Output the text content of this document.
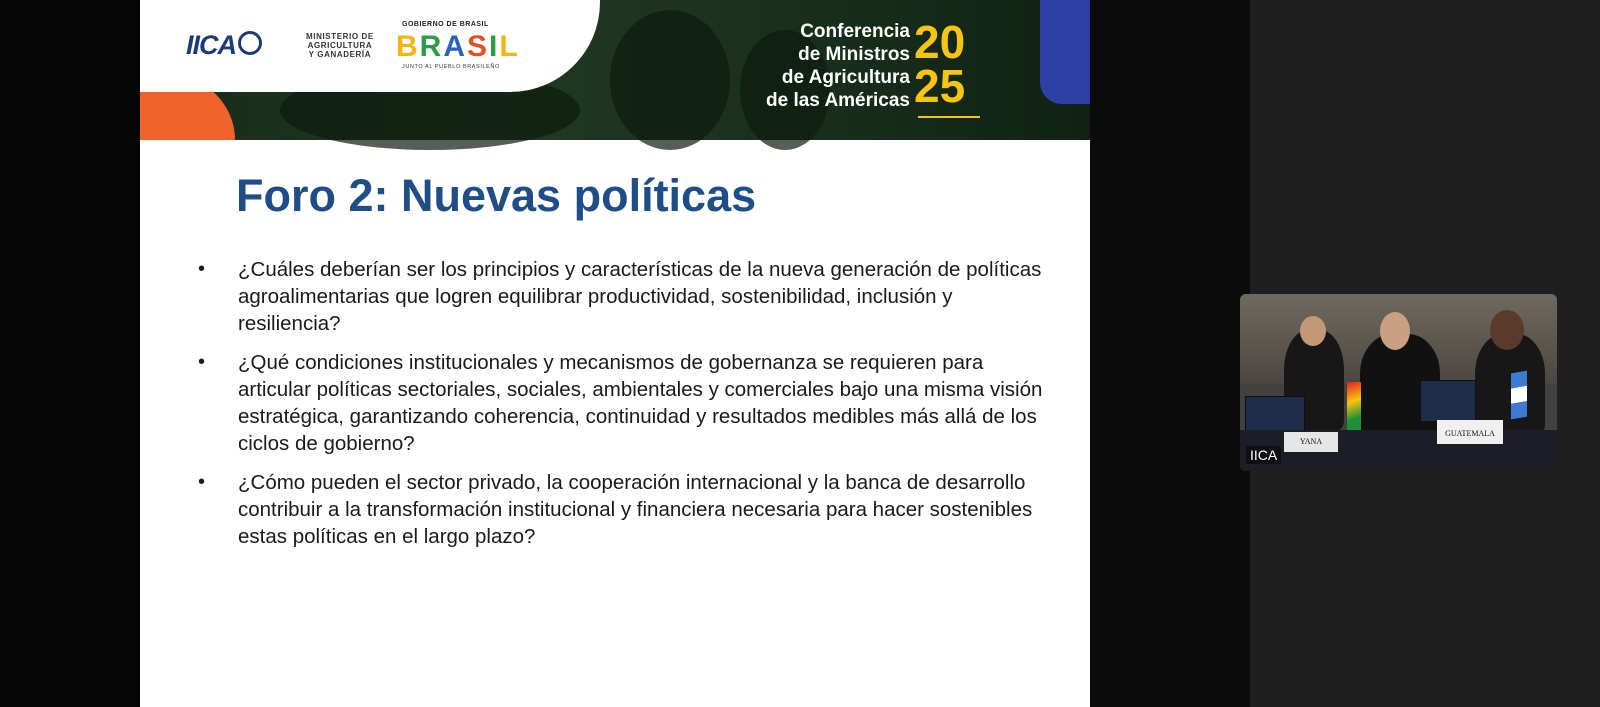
IICA	MINISTERIO DE
AGRICULTURA
Y GANADERÍA
GOBIERNO DE BRASIL
BRASIL
JUNTO AL PUEBLO BRASILEÑO
Conferencia
de Ministros
de Agricultura
de las Américas
20
25
Foro 2: Nuevas políticas
• ¿Cuáles deberían ser los principios y características de la nueva generación de políticas agroalimentarias que logren equilibrar productividad, sostenibilidad, inclusión y resiliencia?
• ¿Qué condiciones institucionales y mecanismos de gobernanza se requieren para articular políticas sectoriales, sociales, ambientales y comerciales bajo una misma visión estratégica, garantizando coherencia, continuidad y resultados medibles más allá de los ciclos de gobierno?
• ¿Cómo pueden el sector privado, la cooperación internacional y la banca de desarrollo contribuir a la transformación institucional y financiera necesaria para hacer sostenibles estas políticas en el largo plazo?
YANA
GUATEMALA
IICA
